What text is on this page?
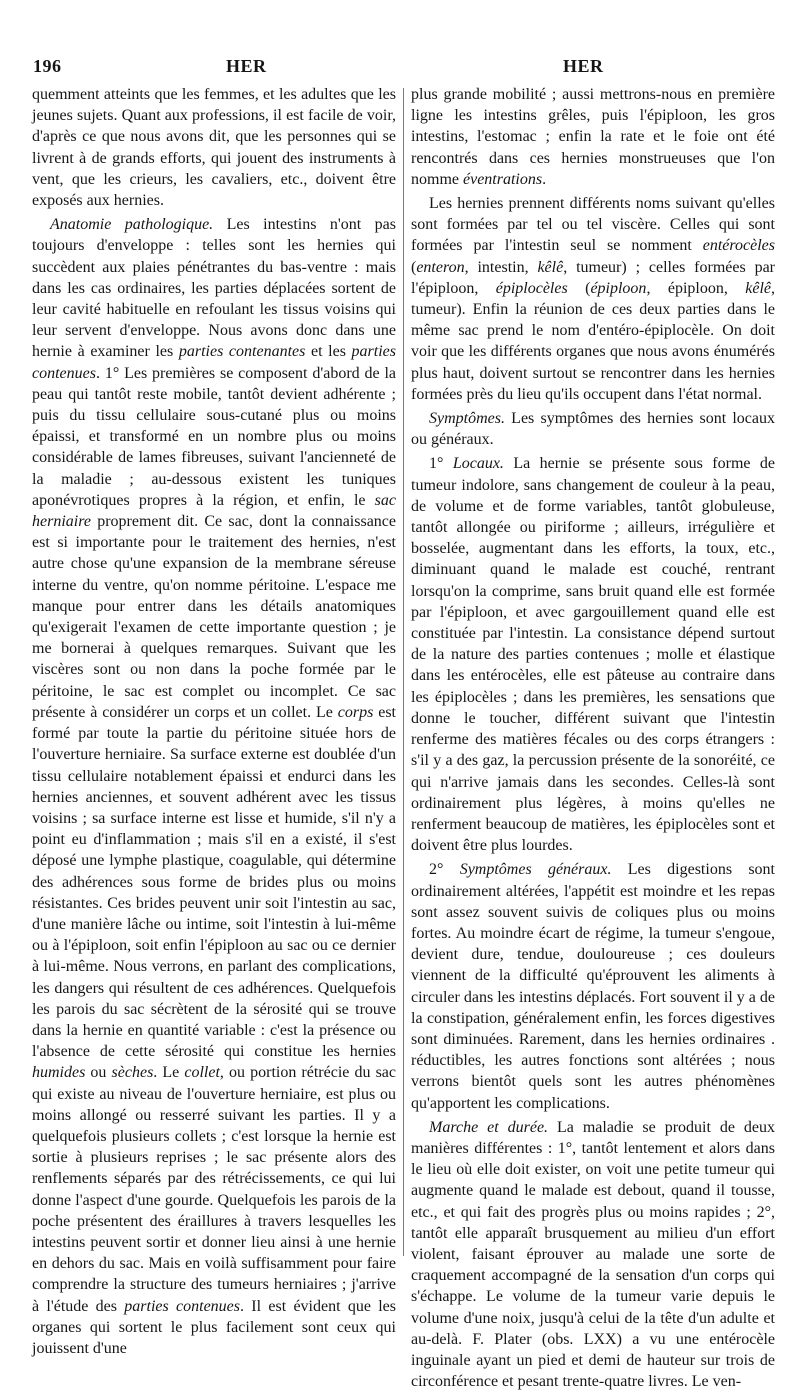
196	HER	HER

quemment atteints que les femmes, et les adultes que les jeunes sujets. Quant aux professions, il est facile de voir, d'après ce que nous avons dit, que les personnes qui se livrent à de grands efforts, qui jouent des instruments à vent, que les crieurs, les cavaliers, etc., doivent être exposés aux hernies.

Anatomie pathologique. Les intestins n'ont pas toujours d'enveloppe : telles sont les hernies qui succèdent aux plaies pénétrantes du bas-ventre : mais dans les cas ordinaires, les parties déplacées sortent de leur cavité habituelle en refoulant les tissus voisins qui leur servent d'enveloppe. Nous avons donc dans une hernie à examiner les parties contenantes et les parties contenues. 1° Les premières se composent d'abord de la peau qui tantôt reste mobile, tantôt devient adhérente ; puis du tissu cellulaire sous-cutané plus ou moins épaissi, et transformé en un nombre plus ou moins considérable de lames fibreuses, suivant l'ancienneté de la maladie ; au-dessous existent les tuniques aponévrotiques propres à la région, et enfin, le sac herniaire proprement dit. Ce sac, dont la connaissance est si importante pour le traitement des hernies, n'est autre chose qu'une expansion de la membrane séreuse interne du ventre, qu'on nomme péritoine. L'espace me manque pour entrer dans les détails anatomiques qu'exigerait l'examen de cette importante question ; je me bornerai à quelques remarques. Suivant que les viscères sont ou non dans la poche formée par le péritoine, le sac est complet ou incomplet. Ce sac présente à considérer un corps et un collet. Le corps est formé par toute la partie du péritoine située hors de l'ouverture herniaire. Sa surface externe est doublée d'un tissu cellulaire notablement épaissi et endurci dans les hernies anciennes, et souvent adhérent avec les tissus voisins ; sa surface interne est lisse et humide, s'il n'y a point eu d'inflammation ; mais s'il en a existé, il s'est déposé une lymphe plastique, coagulable, qui détermine des adhérences sous forme de brides plus ou moins résistantes. Ces brides peuvent unir soit l'intestin au sac, d'une manière lâche ou intime, soit l'intestin à lui-même ou à l'épiploon, soit enfin l'épiploon au sac ou ce dernier à lui-même. Nous verrons, en parlant des complications, les dangers qui résultent de ces adhérences. Quelquefois les parois du sac sécrètent de la sérosité qui se trouve dans la hernie en quantité variable : c'est la présence ou l'absence de cette sérosité qui constitue les hernies humides ou sèches. Le collet, ou portion rétrécie du sac qui existe au niveau de l'ouverture herniaire, est plus ou moins allongé ou resserré suivant les parties. Il y a quelquefois plusieurs collets ; c'est lorsque la hernie est sortie à plusieurs reprises ; le sac présente alors des renflements séparés par des rétrécissements, ce qui lui donne l'aspect d'une gourde. Quelquefois les parois de la poche présentent des éraillures à travers lesquelles les intestins peuvent sortir et donner lieu ainsi à une hernie en dehors du sac. Mais en voilà suffisamment pour faire comprendre la structure des tumeurs herniaires ; j'arrive à l'étude des parties contenues. Il est évident que les organes qui sortent le plus facilement sont ceux qui jouissent d'une

plus grande mobilité ; aussi mettrons-nous en première ligne les intestins grêles, puis l'épiploon, les gros intestins, l'estomac ; enfin la rate et le foie ont été rencontrés dans ces hernies monstrueuses que l'on nomme éventrations.

Les hernies prennent différents noms suivant qu'elles sont formées par tel ou tel viscère. Celles qui sont formées par l'intestin seul se nomment entérocèles (enteron, intestin, kêlê, tumeur) ; celles formées par l'épiploon, épiplocèles (épiploon, épiploon, kêlê, tumeur). Enfin la réunion de ces deux parties dans le même sac prend le nom d'entéro-épiplocèle. On doit voir que les différents organes que nous avons énumérés plus haut, doivent surtout se rencontrer dans les hernies formées près du lieu qu'ils occupent dans l'état normal.

Symptômes. Les symptômes des hernies sont locaux ou généraux.

1° Locaux. La hernie se présente sous forme de tumeur indolore, sans changement de couleur à la peau, de volume et de forme variables, tantôt globuleuse, tantôt allongée ou piriforme ; ailleurs, irrégulière et bosselée, augmentant dans les efforts, la toux, etc., diminuant quand le malade est couché, rentrant lorsqu'on la comprime, sans bruit quand elle est formée par l'épiploon, et avec gargouillement quand elle est constituée par l'intestin. La consistance dépend surtout de la nature des parties contenues ; molle et élastique dans les entérocèles, elle est pâteuse au contraire dans les épiplocèles ; dans les premières, les sensations que donne le toucher, différent suivant que l'intestin renferme des matières fécales ou des corps étrangers : s'il y a des gaz, la percussion présente de la sonoréité, ce qui n'arrive jamais dans les secondes. Celles-là sont ordinairement plus légères, à moins qu'elles ne renferment beaucoup de matières, les épiplocèles sont et doivent être plus lourdes.

2° Symptômes généraux. Les digestions sont ordinairement altérées, l'appétit est moindre et les repas sont assez souvent suivis de coliques plus ou moins fortes. Au moindre écart de régime, la tumeur s'engoue, devient dure, tendue, douloureuse ; ces douleurs viennent de la difficulté qu'éprouvent les aliments à circuler dans les intestins déplacés. Fort souvent il y a de la constipation, généralement enfin, les forces digestives sont diminuées. Rarement, dans les hernies ordinaires . réductibles, les autres fonctions sont altérées ; nous verrons bientôt quels sont les autres phénomènes qu'apportent les complications.

Marche et durée. La maladie se produit de deux manières différentes : 1°, tantôt lentement et alors dans le lieu où elle doit exister, on voit une petite tumeur qui augmente quand le malade est debout, quand il tousse, etc., et qui fait des progrès plus ou moins rapides ; 2°, tantôt elle apparaît brusquement au milieu d'un effort violent, faisant éprouver au malade une sorte de craquement accompagné de la sensation d'un corps qui s'échappe. Le volume de la tumeur varie depuis le volume d'une noix, jusqu'à celui de la tête d'un adulte et au-delà. F. Plater (obs. LXX) a vu une entérocèle inguinale ayant un pied et demi de hauteur sur trois de circonférence et pesant trente-quatre livres. Le ven-
